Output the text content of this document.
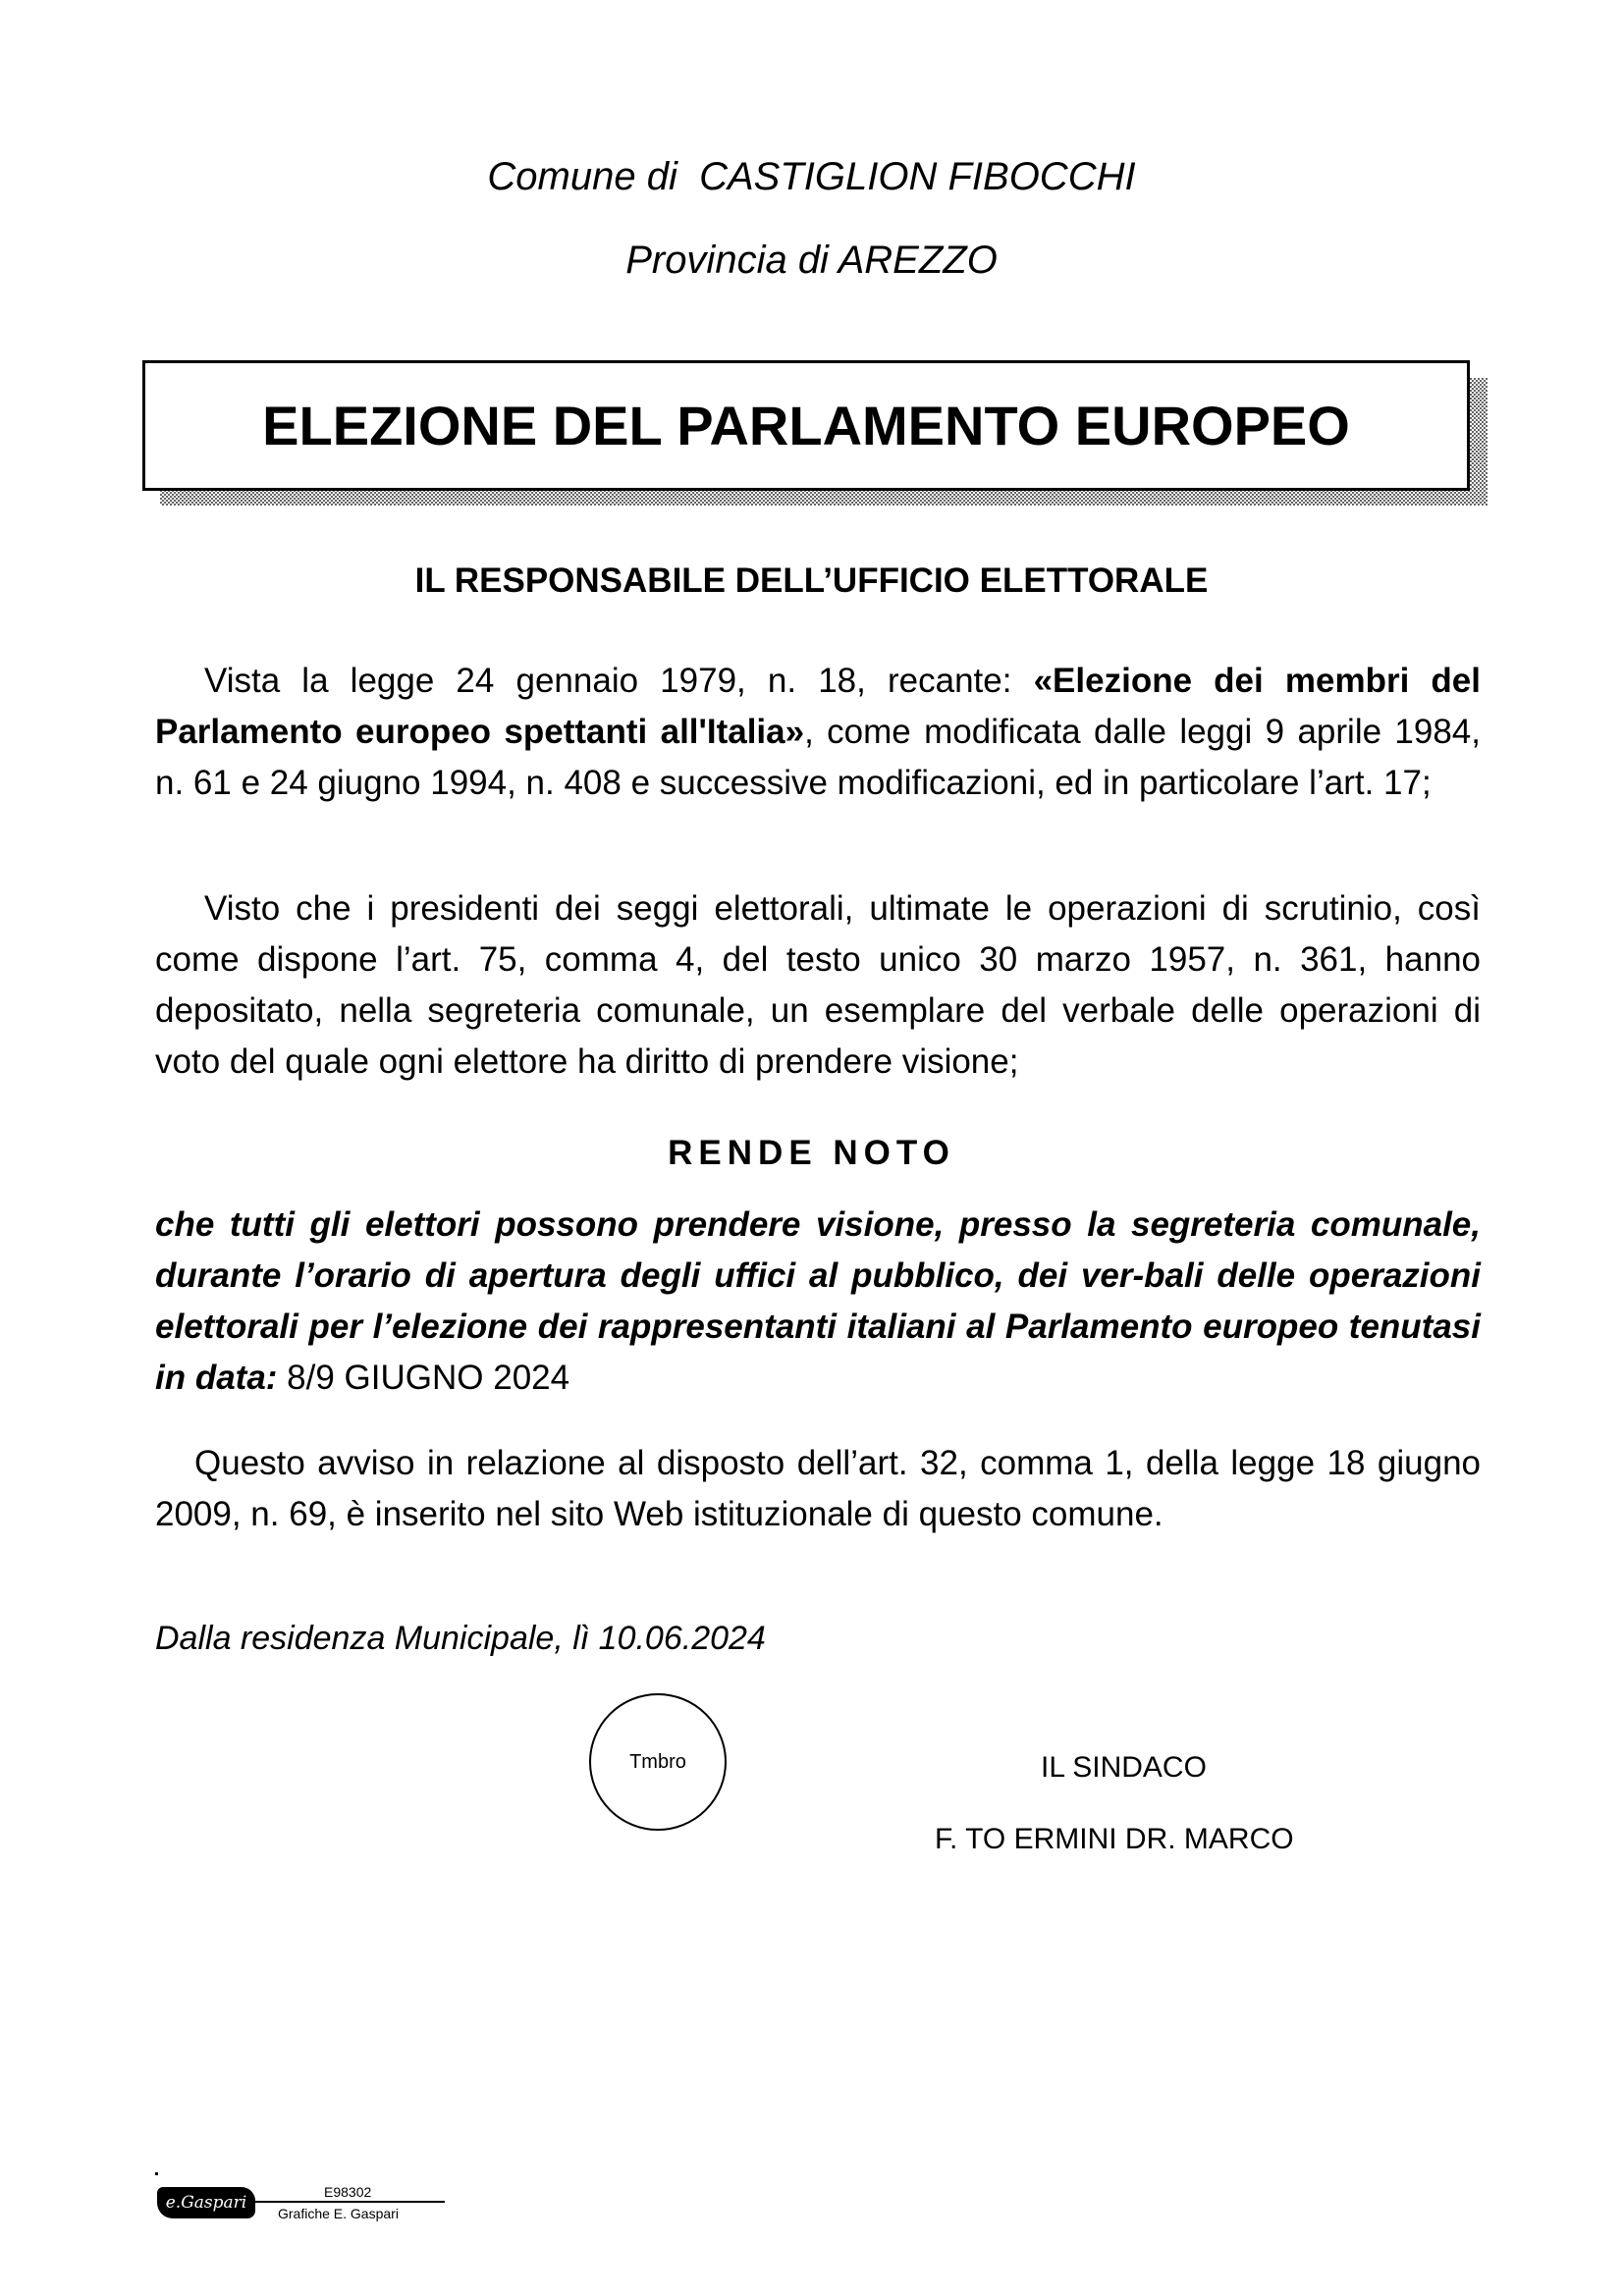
Comune di  CASTIGLION FIBOCCHI
Provincia di AREZZO
ELEZIONE DEL PARLAMENTO EUROPEO
IL RESPONSABILE DELL’UFFICIO ELETTORALE

Vista la legge 24 gennaio 1979, n. 18, recante: «Elezione dei membri del Parlamento europeo spettanti all'Italia», come modificata dalle leggi 9 aprile 1984, n. 61 e 24 giugno 1994, n. 408 e successive modificazioni, ed in particolare l’art. 17;

Visto che i presidenti dei seggi elettorali, ultimate le operazioni di scrutinio, così come dispone l’art. 75, comma 4, del testo unico 30 marzo 1957, n. 361, hanno depositato, nella segreteria comunale, un esemplare del verbale delle operazioni di voto del quale ogni elettore ha diritto di prendere visione;

RENDE NOTO

che tutti gli elettori possono prendere visione, presso la segreteria comunale, durante l’orario di apertura degli uffici al pubblico, dei ver-bali delle operazioni elettorali per l’elezione dei rappresentanti italiani al Parlamento europeo tenutasi in data: 8/9 GIUGNO 2024

Questo avviso in relazione al disposto dell’art. 32, comma 1, della legge 18 giugno 2009, n. 69, è inserito nel sito Web istituzionale di questo comune.

Dalla residenza Municipale, lì 10.06.2024
Tmbro	IL SINDACO
F. TO ERMINI DR. MARCO
e.Gaspari
E98302
Grafiche E. Gaspari
